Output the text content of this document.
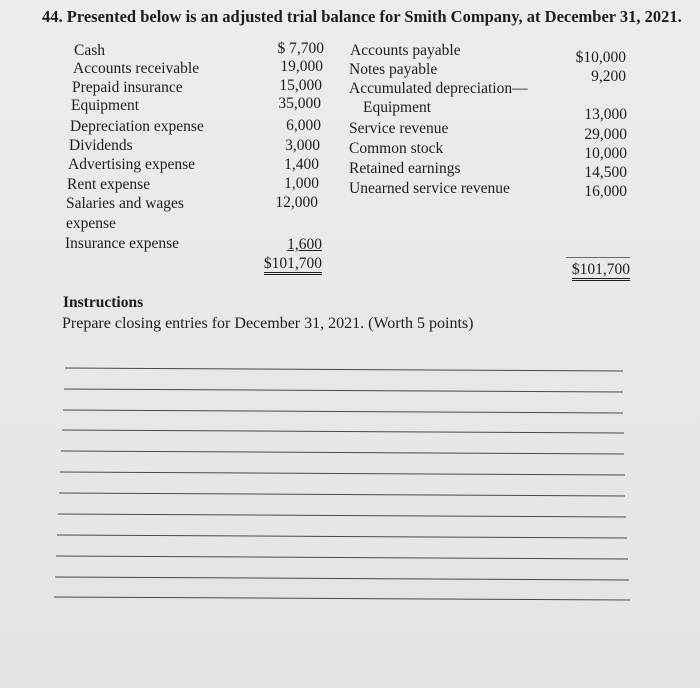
44. Presented below is an adjusted trial balance for Smith Company, at December 31, 2021.
Cash
Accounts receivable
Prepaid insurance
Equipment
Depreciation expense
Dividends
Advertising expense
Rent expense
Salaries and wages
expense
Insurance expense
$ 7,700
19,000
15,000
35,000
6,000
3,000
1,400
1,000
12,000
1,600
$101,700
Accounts payable
Notes payable
Accumulated depreciation—
Equipment
Service revenue
Common stock
Retained earnings
Unearned service revenue
$10,000
9,200
13,000
29,000
10,000
14,500
16,000
$101,700
Instructions
Prepare closing entries for December 31, 2021. (Worth 5 points)
